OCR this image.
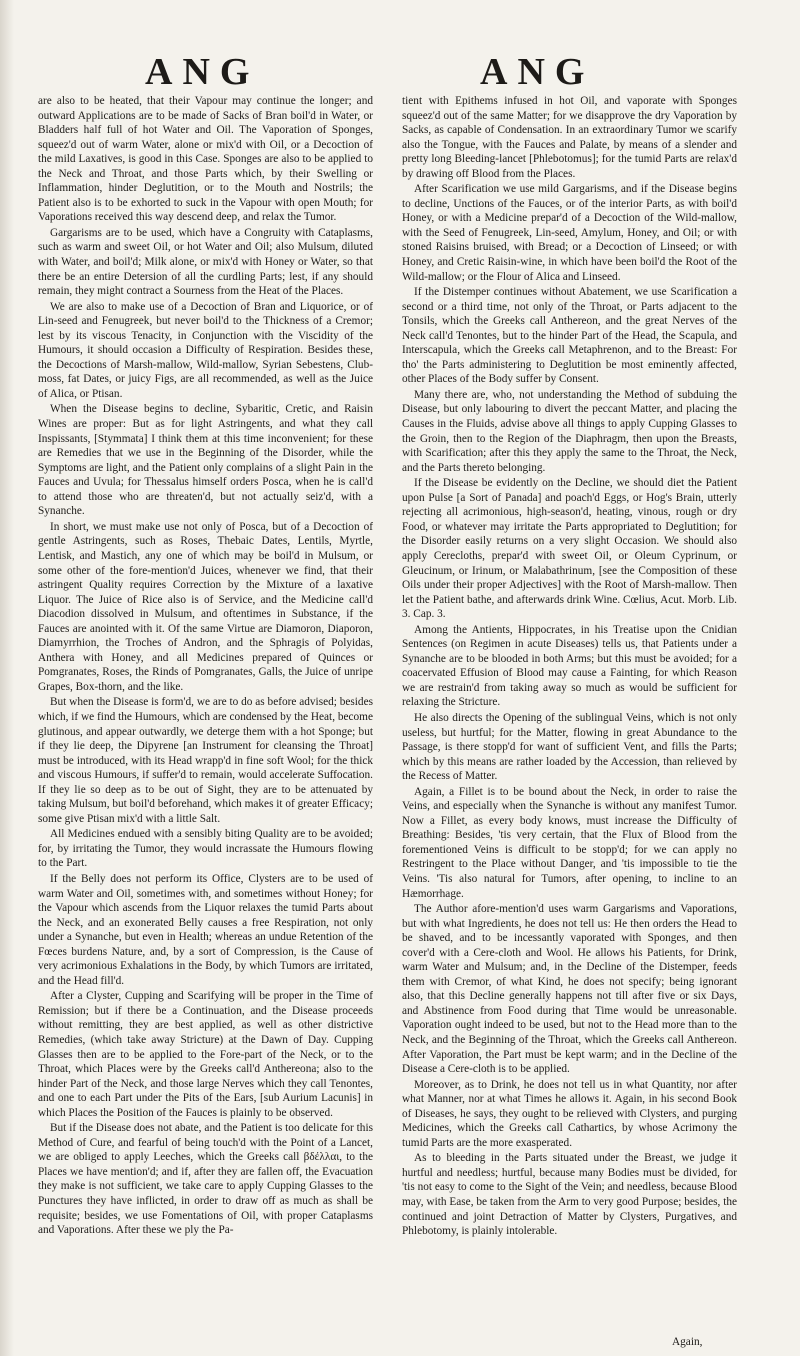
ANG	ANG

are also to be heated, that their Vapour may continue the longer; and outward Applications are to be made of Sacks of Bran boil'd in Water, or Bladders half full of hot Water and Oil. The Vaporation of Sponges, squeez'd out of warm Water, alone or mix'd with Oil, or a Decoction of the mild Laxatives, is good in this Case. Sponges are also to be applied to the Neck and Throat, and those Parts which, by their Swelling or Inflammation, hinder Deglutition, or to the Mouth and Nostrils; the Patient also is to be exhorted to suck in the Vapour with open Mouth; for Vaporations received this way descend deep, and relax the Tumor.

Gargarisms are to be used, which have a Congruity with Cataplasms, such as warm and sweet Oil, or hot Water and Oil; also Mulsum, diluted with Water, and boil'd; Milk alone, or mix'd with Honey or Water, so that there be an entire Detersion of all the curdling Parts; lest, if any should remain, they might contract a Sourness from the Heat of the Places.

We are also to make use of a Decoction of Bran and Liquorice, or of Lin-seed and Fenugreek, but never boil'd to the Thickness of a Cremor; lest by its viscous Tenacity, in Conjunction with the Viscidity of the Humours, it should occasion a Difficulty of Respiration. Besides these, the Decoctions of Marsh-mallow, Wild-mallow, Syrian Sebestens, Club-moss, fat Dates, or juicy Figs, are all recommended, as well as the Juice of Alica, or Ptisan.

When the Disease begins to decline, Sybaritic, Cretic, and Raisin Wines are proper: But as for light Astringents, and what they call Inspissants, [Stymmata] I think them at this time inconvenient; for these are Remedies that we use in the Beginning of the Disorder, while the Symptoms are light, and the Patient only complains of a slight Pain in the Fauces and Uvula; for Thessalus himself orders Posca, when he is call'd to attend those who are threaten'd, but not actually seiz'd, with a Synanche.

In short, we must make use not only of Posca, but of a Decoction of gentle Astringents, such as Roses, Thebaic Dates, Lentils, Myrtle, Lentisk, and Mastich, any one of which may be boil'd in Mulsum, or some other of the fore-mention'd Juices, whenever we find, that their astringent Quality requires Correction by the Mixture of a laxative Liquor. The Juice of Rice also is of Service, and the Medicine call'd Diacodion dissolved in Mulsum, and oftentimes in Substance, if the Fauces are anointed with it. Of the same Virtue are Diamoron, Diaporon, Diamyrrhion, the Troches of Andron, and the Sphragis of Polyidas, Anthera with Honey, and all Medicines prepared of Quinces or Pomgranates, Roses, the Rinds of Pomgranates, Galls, the Juice of unripe Grapes, Box-thorn, and the like.

But when the Disease is form'd, we are to do as before advised; besides which, if we find the Humours, which are condensed by the Heat, become glutinous, and appear outwardly, we deterge them with a hot Sponge; but if they lie deep, the Dipyrene [an Instrument for cleansing the Throat] must be introduced, with its Head wrapp'd in fine soft Wool; for the thick and viscous Humours, if suffer'd to remain, would accelerate Suffocation. If they lie so deep as to be out of Sight, they are to be attenuated by taking Mulsum, but boil'd beforehand, which makes it of greater Efficacy; some give Ptisan mix'd with a little Salt.

All Medicines endued with a sensibly biting Quality are to be avoided; for, by irritating the Tumor, they would incrassate the Humours flowing to the Part.

If the Belly does not perform its Office, Clysters are to be used of warm Water and Oil, sometimes with, and sometimes without Honey; for the Vapour which ascends from the Liquor relaxes the tumid Parts about the Neck, and an exonerated Belly causes a free Respiration, not only under a Synanche, but even in Health; whereas an undue Retention of the Fœces burdens Nature, and, by a sort of Compression, is the Cause of very acrimonious Exhalations in the Body, by which Tumors are irritated, and the Head fill'd.

After a Clyster, Cupping and Scarifying will be proper in the Time of Remission; but if there be a Continuation, and the Disease proceeds without remitting, they are best applied, as well as other districtive Remedies, (which take away Stricture) at the Dawn of Day. Cupping Glasses then are to be applied to the Fore-part of the Neck, or to the Throat, which Places were by the Greeks call'd Anthereona; also to the hinder Part of the Neck, and those large Nerves which they call Tenontes, and one to each Part under the Pits of the Ears, [sub Aurium Lacunis] in which Places the Position of the Fauces is plainly to be observed.

But if the Disease does not abate, and the Patient is too delicate for this Method of Cure, and fearful of being touch'd with the Point of a Lancet, we are obliged to apply Leeches, which the Greeks call βδέλλαι, to the Places we have mention'd; and if, after they are fallen off, the Evacuation they make is not sufficient, we take care to apply Cupping Glasses to the Punctures they have inflicted, in order to draw off as much as shall be requisite; besides, we use Fomentations of Oil, with proper Cataplasms and Vaporations. After these we ply the Pa-

tient with Epithems infused in hot Oil, and vaporate with Sponges squeez'd out of the same Matter; for we disapprove the dry Vaporation by Sacks, as capable of Condensation. In an extraordinary Tumor we scarify also the Tongue, with the Fauces and Palate, by means of a slender and pretty long Bleeding-lancet [Phlebotomus]; for the tumid Parts are relax'd by drawing off Blood from the Places.

After Scarification we use mild Gargarisms, and if the Disease begins to decline, Unctions of the Fauces, or of the interior Parts, as with boil'd Honey, or with a Medicine prepar'd of a Decoction of the Wild-mallow, with the Seed of Fenugreek, Lin-seed, Amylum, Honey, and Oil; or with stoned Raisins bruised, with Bread; or a Decoction of Linseed; or with Honey, and Cretic Raisin-wine, in which have been boil'd the Root of the Wild-mallow; or the Flour of Alica and Linseed.

If the Distemper continues without Abatement, we use Scarification a second or a third time, not only of the Throat, or Parts adjacent to the Tonsils, which the Greeks call Anthereon, and the great Nerves of the Neck call'd Tenontes, but to the hinder Part of the Head, the Scapula, and Interscapula, which the Greeks call Metaphrenon, and to the Breast: For tho' the Parts administering to Deglutition be most eminently affected, other Places of the Body suffer by Consent.

Many there are, who, not understanding the Method of subduing the Disease, but only labouring to divert the peccant Matter, and placing the Causes in the Fluids, advise above all things to apply Cupping Glasses to the Groin, then to the Region of the Diaphragm, then upon the Breasts, with Scarification; after this they apply the same to the Throat, the Neck, and the Parts thereto belonging.

If the Disease be evidently on the Decline, we should diet the Patient upon Pulse [a Sort of Panada] and poach'd Eggs, or Hog's Brain, utterly rejecting all acrimonious, high-season'd, heating, vinous, rough or dry Food, or whatever may irritate the Parts appropriated to Deglutition; for the Disorder easily returns on a very slight Occasion. We should also apply Cerecloths, prepar'd with sweet Oil, or Oleum Cyprinum, or Gleucinum, or Irinum, or Malabathrinum, [see the Composition of these Oils under their proper Adjectives] with the Root of Marsh-mallow. Then let the Patient bathe, and afterwards drink Wine. Cœlius, Acut. Morb. Lib. 3. Cap. 3.

Among the Antients, Hippocrates, in his Treatise upon the Cnidian Sentences (on Regimen in acute Diseases) tells us, that Patients under a Synanche are to be blooded in both Arms; but this must be avoided; for a coacervated Effusion of Blood may cause a Fainting, for which Reason we are restrain'd from taking away so much as would be sufficient for relaxing the Stricture.

He also directs the Opening of the sublingual Veins, which is not only useless, but hurtful; for the Matter, flowing in great Abundance to the Passage, is there stopp'd for want of sufficient Vent, and fills the Parts; which by this means are rather loaded by the Accession, than relieved by the Recess of Matter.

Again, a Fillet is to be bound about the Neck, in order to raise the Veins, and especially when the Synanche is without any manifest Tumor. Now a Fillet, as every body knows, must increase the Difficulty of Breathing: Besides, 'tis very certain, that the Flux of Blood from the forementioned Veins is difficult to be stopp'd; for we can apply no Restringent to the Place without Danger, and 'tis impossible to tie the Veins. 'Tis also natural for Tumors, after opening, to incline to an Hæmorrhage.

The Author afore-mention'd uses warm Gargarisms and Vaporations, but with what Ingredients, he does not tell us: He then orders the Head to be shaved, and to be incessantly vaporated with Sponges, and then cover'd with a Cere-cloth and Wool. He allows his Patients, for Drink, warm Water and Mulsum; and, in the Decline of the Distemper, feeds them with Cremor, of what Kind, he does not specify; being ignorant also, that this Decline generally happens not till after five or six Days, and Abstinence from Food during that Time would be unreasonable. Vaporation ought indeed to be used, but not to the Head more than to the Neck, and the Beginning of the Throat, which the Greeks call Anthereon. After Vaporation, the Part must be kept warm; and in the Decline of the Disease a Cere-cloth is to be applied.

Moreover, as to Drink, he does not tell us in what Quantity, nor after what Manner, nor at what Times he allows it. Again, in his second Book of Diseases, he says, they ought to be relieved with Clysters, and purging Medicines, which the Greeks call Cathartics, by whose Acrimony the tumid Parts are the more exasperated.

As to bleeding in the Parts situated under the Breast, we judge it hurtful and needless; hurtful, because many Bodies must be divided, for 'tis not easy to come to the Sight of the Vein; and needless, because Blood may, with Ease, be taken from the Arm to very good Purpose; besides, the continued and joint Detraction of Matter by Clysters, Purgatives, and Phlebotomy, is plainly intolerable.

Again,
